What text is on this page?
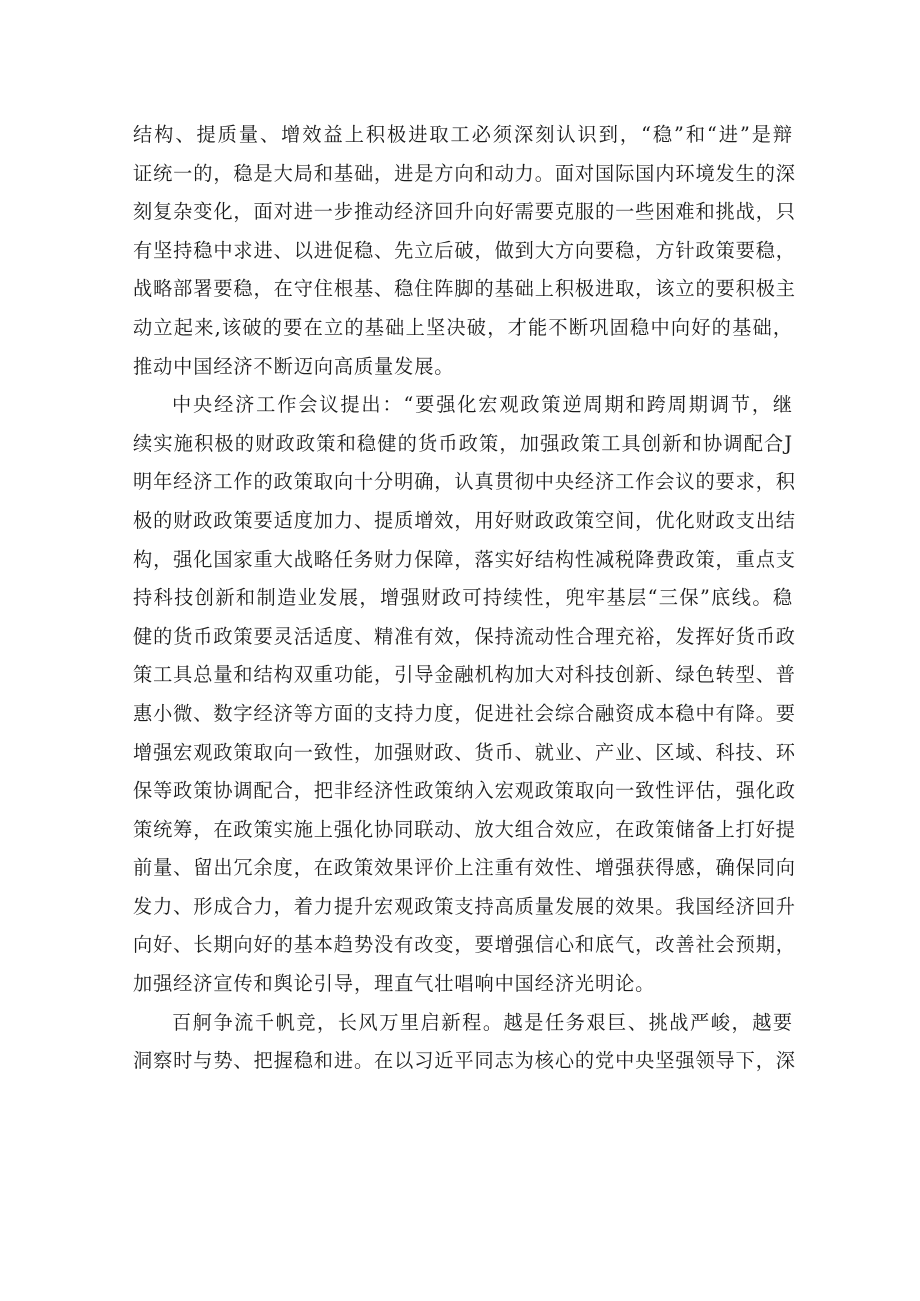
结构、提质量、增效益上积极进取工必须深刻认识到，“稳”和“进”是辩
证统一的，稳是大局和基础，进是方向和动力。面对国际国内环境发生的深
刻复杂变化，面对进一步推动经济回升向好需要克服的一些困难和挑战，只
有坚持稳中求进、以进促稳、先立后破，做到大方向要稳，方针政策要稳，
战略部署要稳，在守住根基、稳住阵脚的基础上积极进取，该立的要积极主
动立起来,该破的要在立的基础上坚决破，才能不断巩固稳中向好的基础，
推动中国经济不断迈向高质量发展。

中央经济工作会议提出：“要强化宏观政策逆周期和跨周期调节，继
续实施积极的财政政策和稳健的货币政策，加强政策工具创新和协调配合J
明年经济工作的政策取向十分明确，认真贯彻中央经济工作会议的要求，积
极的财政政策要适度加力、提质增效，用好财政政策空间，优化财政支出结
构，强化国家重大战略任务财力保障，落实好结构性减税降费政策，重点支
持科技创新和制造业发展，增强财政可持续性，兜牢基层“三保”底线。稳
健的货币政策要灵活适度、精准有效，保持流动性合理充裕，发挥好货币政
策工具总量和结构双重功能，引导金融机构加大对科技创新、绿色转型、普
惠小微、数字经济等方面的支持力度，促进社会综合融资成本稳中有降。要
增强宏观政策取向一致性，加强财政、货币、就业、产业、区域、科技、环
保等政策协调配合，把非经济性政策纳入宏观政策取向一致性评估，强化政
策统筹，在政策实施上强化协同联动、放大组合效应，在政策储备上打好提
前量、留出冗余度，在政策效果评价上注重有效性、增强获得感，确保同向
发力、形成合力，着力提升宏观政策支持高质量发展的效果。我国经济回升
向好、长期向好的基本趋势没有改变，要增强信心和底气，改善社会预期，
加强经济宣传和舆论引导，理直气壮唱响中国经济光明论。

百舸争流千帆竞，长风万里启新程。越是任务艰巨、挑战严峻，越要
洞察时与势、把握稳和进。在以习近平同志为核心的党中央坚强领导下，深
